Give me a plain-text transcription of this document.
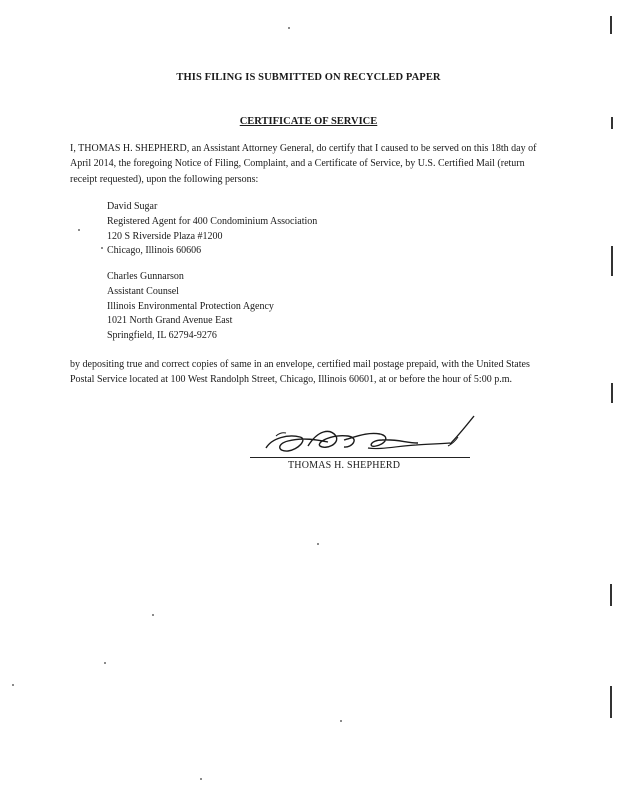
THIS FILING IS SUBMITTED ON RECYCLED PAPER
CERTIFICATE OF SERVICE

I, THOMAS H. SHEPHERD, an Assistant Attorney General, do certify that I caused to be served on this 18th day of April 2014, the foregoing Notice of Filing, Complaint, and a Certificate of Service, by U.S. Certified Mail (return receipt requested), upon the following persons:

David Sugar
Registered Agent for 400 Condominium Association
120 S Riverside Plaza #1200
Chicago, Illinois 60606
Charles Gunnarson
Assistant Counsel
Illinois Environmental Protection Agency
1021 North Grand Avenue East
Springfield, IL 62794-9276

by depositing true and correct copies of same in an envelope, certified mail postage prepaid, with the United States Postal Service located at 100 West Randolph Street, Chicago, Illinois 60601, at or before the hour of 5:00 p.m.

THOMAS H. SHEPHERD
